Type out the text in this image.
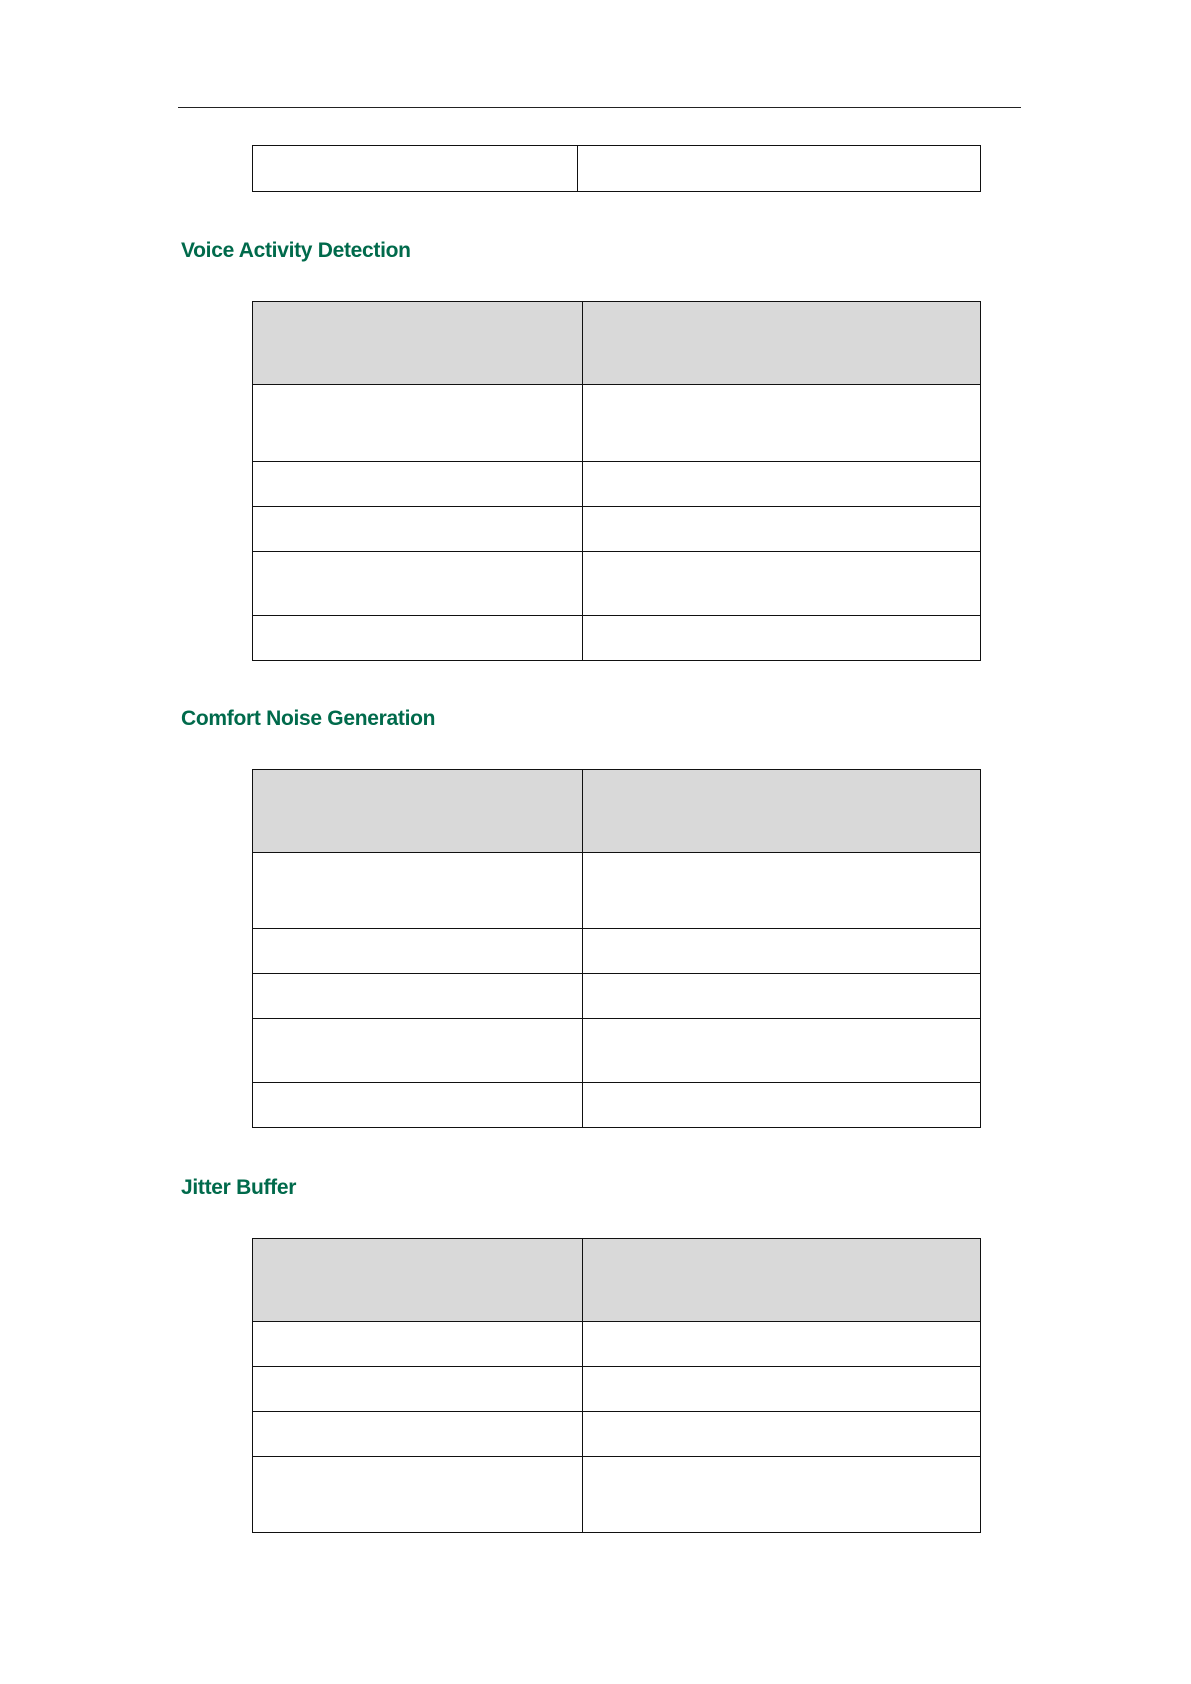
Voice Activity Detection

Comfort Noise Generation

Jitter Buffer
